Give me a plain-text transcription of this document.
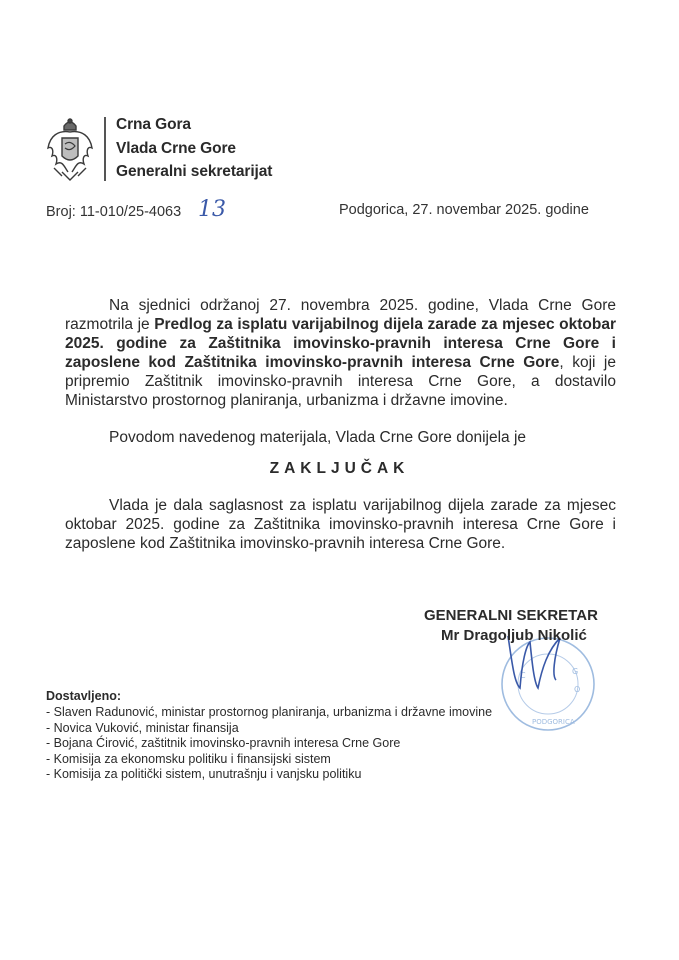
Crna Gora
Vlada Crne Gore
Generalni sekretarijat
Broj: 11-010/25-4063 13	Podgorica, 27. novembar 2025. godine
Na sjednici održanoj 27. novembra 2025. godine, Vlada Crne Gore razmotrila je Predlog za isplatu varijabilnog dijela zarade za mjesec oktobar 2025. godine za Zaštitnika imovinsko-pravnih interesa Crne Gore i zaposlene kod Zaštitnika imovinsko-pravnih interesa Crne Gore, koji je pripremio Zaštitnik imovinsko-pravnih interesa Crne Gore, a dostavilo Ministarstvo prostornog planiranja, urbanizma i državne imovine.
Povodom navedenog materijala, Vlada Crne Gore donijela je
ZAKLJUČAK
Vlada je dala saglasnost za isplatu varijabilnog dijela zarade za mjesec oktobar 2025. godine za Zaštitnika imovinsko-pravnih interesa Crne Gore i zaposlene kod Zaštitnika imovinsko-pravnih interesa Crne Gore.
C	G
O
PODGORICA
GENERALNI SEKRETAR
Mr Dragoljub Nikolić
Dostavljeno:
- Slaven Radunović, ministar prostornog planiranja, urbanizma i državne imovine
- Novica Vuković, ministar finansija
- Bojana Ćirović, zaštitnik imovinsko-pravnih interesa Crne Gore
- Komisija za ekonomsku politiku i finansijski sistem
- Komisija za politički sistem, unutrašnju i vanjsku politiku
